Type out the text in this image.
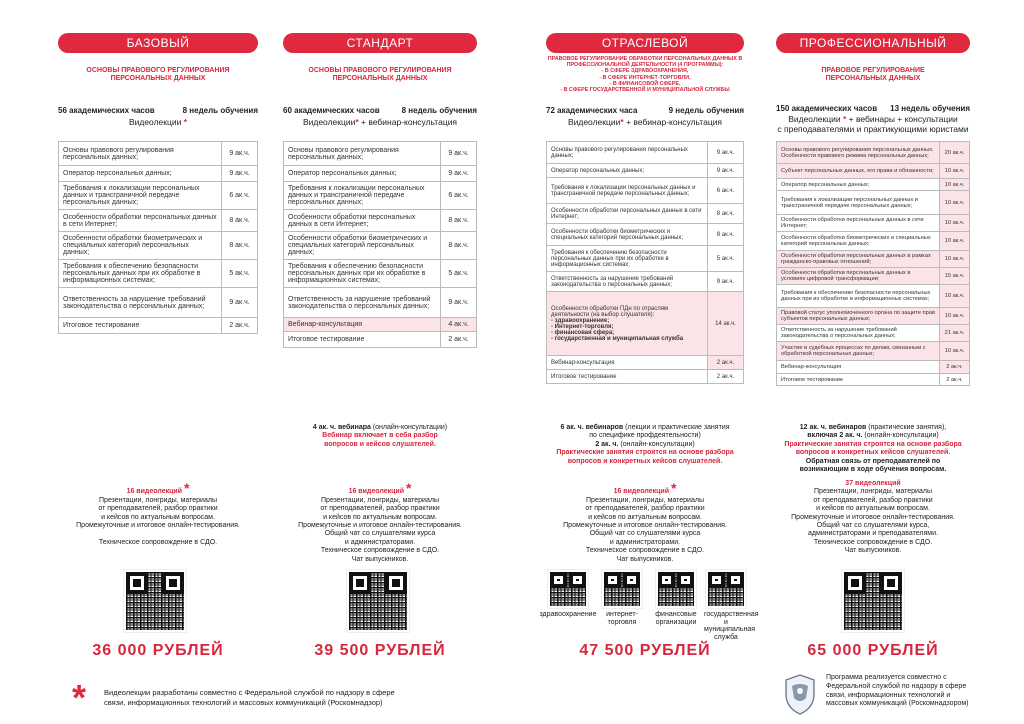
БАЗОВЫЙ
ОСНОВЫ ПРАВОВОГО РЕГУЛИРОВАНИЯ ПЕРСОНАЛЬНЫХ ДАННЫХ
56 академических часов	8 недель обучения
Видеолекции *
Основы правового регулирования персональных данных;	9 ак.ч.

Оператор персональных данных;	9 ак.ч.

Требования к локализации персональных данных и трансграничной передаче персональных данных;	6 ак.ч.

Особенности обработки персональных данных в сети Интернет;	8 ак.ч.

Особенности обработки биометрических и специальных категорий персональных данных;	8 ак.ч.

Требования к обеспечению безопасности персональных данных при их обработке в информационных системах;	5 ак.ч.

Ответственность за нарушение требований законодательства о персональных данных;	9 ак.ч.

Итоговое тестирование	2 ак.ч.
16 видеолекций *
Презентации, лонгриды, материалы
от преподавателей, разбор практики
и кейсов по актуальным вопросам.
Промежуточные и итоговое онлайн-тестирования.

Техническое сопровождение в СДО.
36 000 РУБЛЕЙ
СТАНДАРТ
ОСНОВЫ ПРАВОВОГО РЕГУЛИРОВАНИЯ ПЕРСОНАЛЬНЫХ ДАННЫХ
60 академических часов	8 недель обучения
Видеолекции* + вебинар-консультация
Основы правового регулирования персональных данных;	9 ак.ч.

Оператор персональных данных;	9 ак.ч.

Требования к локализации персональных данных и трансграничной передаче персональных данных;	6 ак.ч.

Особенности обработки персональных данных в сети Интернет;	8 ак.ч.

Особенности обработки биометрических и специальных категорий персональных данных;	8 ак.ч.

Требования к обеспечению безопасности персональных данных при их обработке в информационных системах;	5 ак.ч.

Ответственность за нарушение требований законодательства о персональных данных;	9 ак.ч.

Вебинар-консультация	4 ак.ч.

Итоговое тестирование	2 ак.ч.
4 ак. ч. вебинара (онлайн-консультации)
Вебинар включает в себя разбор вопросов и кейсов слушателей.
16 видеолекций *
Презентации, лонгриды, материалы
от преподавателей, разбор практики
и кейсов по актуальным вопросам.
Промежуточные и итоговое онлайн-тестирования.
Общий чат со слушателями курса
и администраторами.
Техническое сопровождение в СДО.
Чат выпускников.
39 500 РУБЛЕЙ
ОТРАСЛЕВОЙ
ПРАВОВОЕ РЕГУЛИРОВАНИЕ ОБРАБОТКИ ПЕРСОНАЛЬНЫХ ДАННЫХ В ПРОФЕССИОНАЛЬНОЙ ДЕЯТЕЛЬНОСТИ (4 ПРОГРАММЫ):
- В СФЕРЕ ЗДРАВООХРАНЕНИЯ,
- В СФЕРЕ ИНТЕРНЕТ-ТОРГОВЛИ,
- В ФИНАНСОВОЙ СФЕРЕ,
- В СФЕРЕ ГОСУДАРСТВЕННОЙ И МУНИЦИПАЛЬНОЙ СЛУЖБЫ
72 академических часа	9 недель обучения
Видеолекции* + вебинар-консультация
Основы правового регулирования персональных данных;	9 ак.ч.

Оператор персональных данных;	9 ак.ч.

Требования к локализации персональных данных и трансграничной передаче персональных данных;	6 ак.ч.

Особенности обработки персональных данных в сети Интернет;	8 ак.ч.

Особенности обработки биометрических и специальных категорий персональных данных;	8 ак.ч.

Требования к обеспечению безопасности персональных данных при их обработке в информационных системах;	5 ак.ч.

Ответственность за нарушение требований законодательства о персональных данных;	9 ак.ч.

Особенности обработки ПДн по отраслям деятельности (на выбор слушателя):
- здравоохранение;
- Интернет-торговля;
- финансовая сфера;
- государственная и муниципальная служба	14 ак.ч.

Вебинар-консультация	2 ак.ч.

Итоговое тестирование	2 ак.ч.
6 ак. ч. вебинаров (лекции и практические занятия
по специфике профдеятельности)
2 ак. ч. (онлайн-консультации)
Практические занятия строятся на основе разбора вопросов и конкретных кейсов слушателей.
16 видеолекций *
Презентации, лонгриды, материалы
от преподавателей, разбор практики
и кейсов по актуальным вопросам.
Промежуточные и итоговое онлайн-тестирования.
Общий чат со слушателями курса
и администраторами.
Техническое сопровождение в СДО.
Чат выпускников.
здравоохранение	интернет-торговля
финансовые организации
государственная и муниципальная служба
47 500 РУБЛЕЙ
ПРОФЕССИОНАЛЬНЫЙ
ПРАВОВОЕ РЕГУЛИРОВАНИЕ ПЕРСОНАЛЬНЫХ ДАННЫХ
150 академических часов 13 недель обучения
Видеолекции * + вебинары + консультации
с преподавателями и практикующими юристами
Основы правового регулирования персональных данных. Особенности правового режима персональных данных;	20 ак.ч.

Субъект персональных данных, его права и обязанности;	10 ак.ч.

Оператор персональных данных;	10 ак.ч.

Требования к локализации персональных данных и трансграничной передаче персональных данных;	10 ак.ч.

Особенности обработки персональных данных в сети Интернет;	10 ак.ч.

Особенности обработки биометрических и специальных категорий персональных данных;	10 ак.ч.

Особенности обработки персональных данных в рамках гражданско-правовых отношений;	10 ак.ч.

Особенности обработки персональных данных в условиях цифровой трансформации;	15 ак.ч.

Требования к обеспечению безопасности персональных данных при их обработке в информационных системах;	10 ак.ч.

Правовой статус уполномоченного органа по защите прав субъектов персональных данных;	10 ак.ч.

Ответственность за нарушение требований законодательства о персональных данных;	21 ак.ч.

Участие в судебных процессах по делам, связанным с обработкой персональных данных;	10 ак.ч.

Вебинар-консультация	2 ак.ч.

Итоговое тестирование	2 ак.ч.
12 ак. ч. вебинаров (практические занятия),
включая 2 ак. ч. (онлайн-консультации)
Практические занятия строятся на основе разбора вопросов и конкретных кейсов слушателей.
Обратная связь от преподавателей по возникающим в ходе обучения вопросам.
37 видеолекций
Презентации, лонгриды, материалы
от преподавателей, разбор практики
и кейсов по актуальным вопросам.
Промежуточные и итоговое онлайн-тестирования.
Общий чат со слушателями курса,
администраторами и преподавателями.
Техническое сопровождение в СДО.
Чат выпускников.
65 000 РУБЛЕЙ
* Видеолекции разработаны совместно с Федеральной службой по надзору в сфере связи, информационных технологий и массовых коммуникаций (Роскомнадзор)
Программа реализуется совместно с Федеральной службой по надзору в сфере связи, информационных технологий и массовых коммуникаций (Роскомнадзором)
